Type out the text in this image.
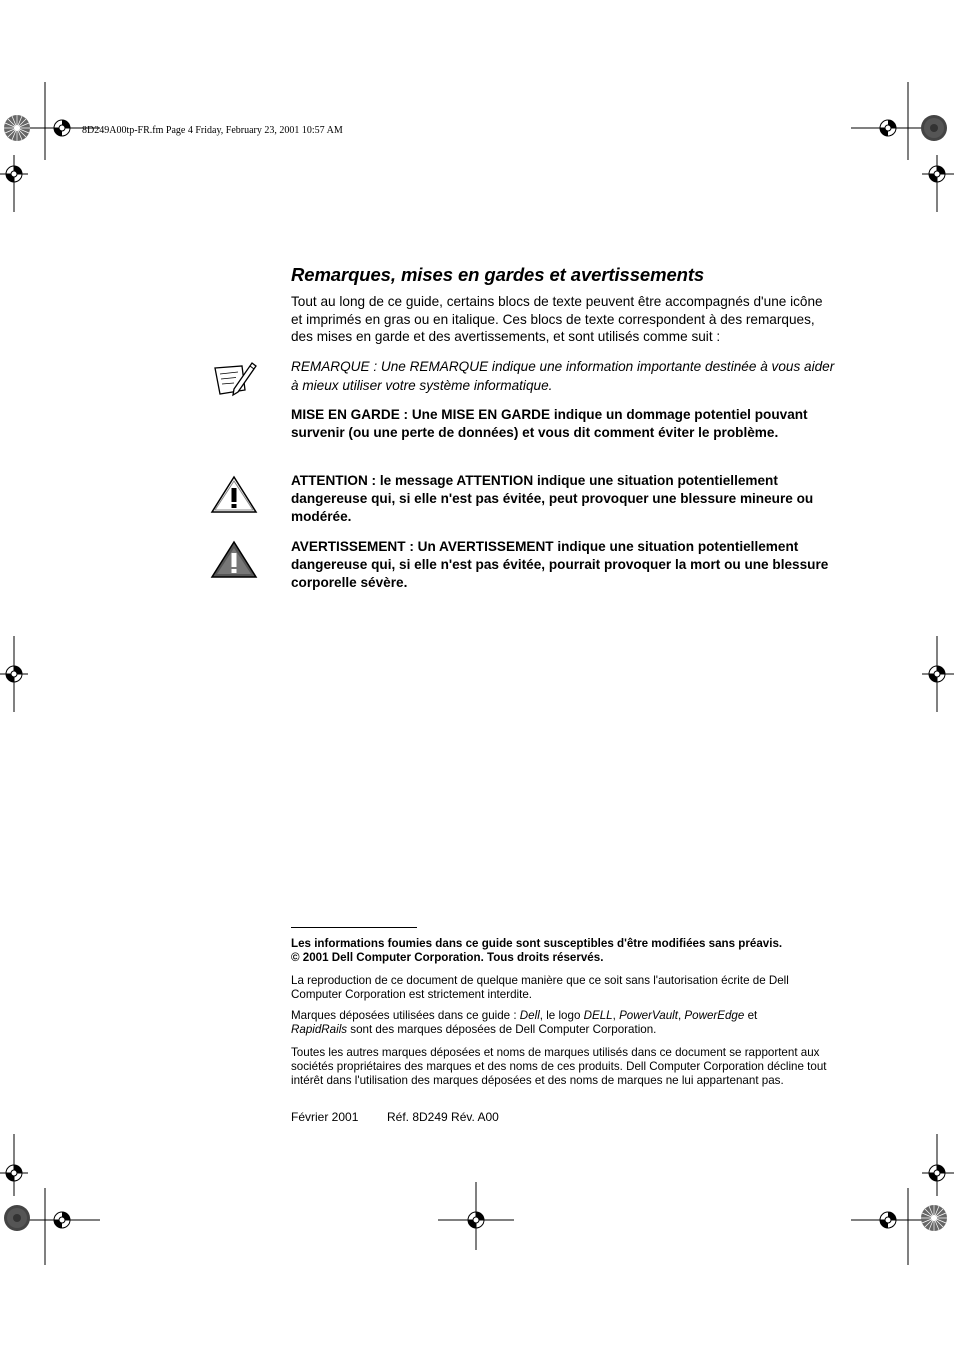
8D249A00tp-FR.fm Page 4 Friday, February 23, 2001 10:57 AM
Remarques, mises en gardes et avertissements
Tout au long de ce guide, certains blocs de texte peuvent être accompagnés d'une icône et imprimés en gras ou en italique. Ces blocs de texte correspondent à des remarques, des mises en garde et des avertissements, et sont utilisés comme suit :
REMARQUE : Une REMARQUE indique une information importante destinée à vous aider à mieux utiliser votre système informatique.
MISE EN GARDE : Une MISE EN GARDE indique un dommage potentiel pouvant survenir (ou une perte de données) et vous dit comment éviter le problème.
ATTENTION : le message ATTENTION indique une situation potentiellement dangereuse qui, si elle n'est pas évitée, peut provoquer une blessure mineure ou modérée.
AVERTISSEMENT : Un AVERTISSEMENT indique une situation potentiellement dangereuse qui, si elle n'est pas évitée, pourrait provoquer la mort ou une blessure corporelle sévère.
Les informations foumies dans ce guide sont susceptibles d'être modifiées sans préavis.
© 2001 Dell Computer Corporation. Tous droits réservés.
La reproduction de ce document de quelque manière que ce soit sans l'autorisation écrite de Dell Computer Corporation est strictement interdite.
Marques déposées utilisées dans ce guide : Dell, le logo DELL, PowerVault, PowerEdge et
RapidRails sont des marques déposées de Dell Computer Corporation.
Toutes les autres marques déposées et noms de marques utilisés dans ce document se rapportent aux sociétés propriétaires des marques et des noms de ces produits. Dell Computer Corporation décline tout intérêt dans l'utilisation des marques déposées et des noms de marques ne lui appartenant pas.
Février 2001 Réf. 8D249 Rév. A00
